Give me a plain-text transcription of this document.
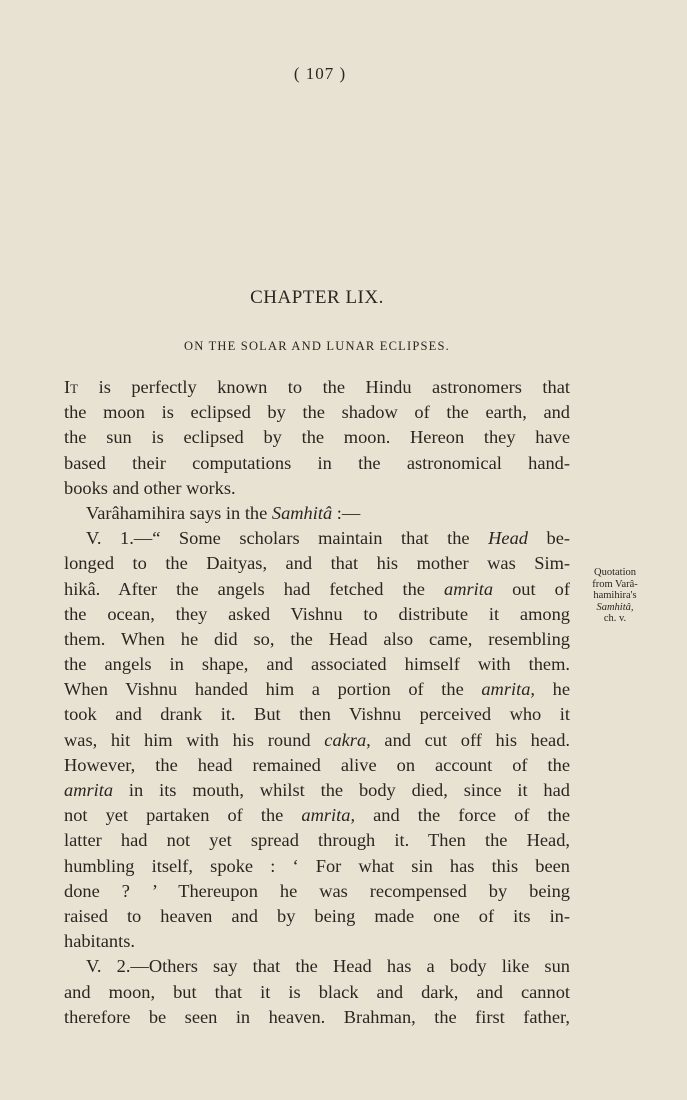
( 107 )
CHAPTER LIX.
ON THE SOLAR AND LUNAR ECLIPSES.
It is perfectly known to the Hindu astronomers that
the moon is eclipsed by the shadow of the earth, and
the sun is eclipsed by the moon. Hereon they have
based their computations in the astronomical hand-
books and other works.
Varâhamihira says in the Samhitâ :—
V. 1.—“ Some scholars maintain that the Head be-
longed to the Daityas, and that his mother was Sim-
hikâ. After the angels had fetched the amrita out of
the ocean, they asked Vishnu to distribute it among
them. When he did so, the Head also came, resembling
the angels in shape, and associated himself with them.
When Vishnu handed him a portion of the amrita, he
took and drank it. But then Vishnu perceived who it
was, hit him with his round cakra, and cut off his head.
However, the head remained alive on account of the
amrita in its mouth, whilst the body died, since it had
not yet partaken of the amrita, and the force of the
latter had not yet spread through it. Then the Head,
humbling itself, spoke : ‘ For what sin has this been
done ? ’ Thereupon he was recompensed by being
raised to heaven and by being made one of its in-
habitants.
V. 2.—Others say that the Head has a body like sun
and moon, but that it is black and dark, and cannot
therefore be seen in heaven. Brahman, the first father,
Quotation
from Varâ-
hamihira's
Samhitâ,
ch. v.
